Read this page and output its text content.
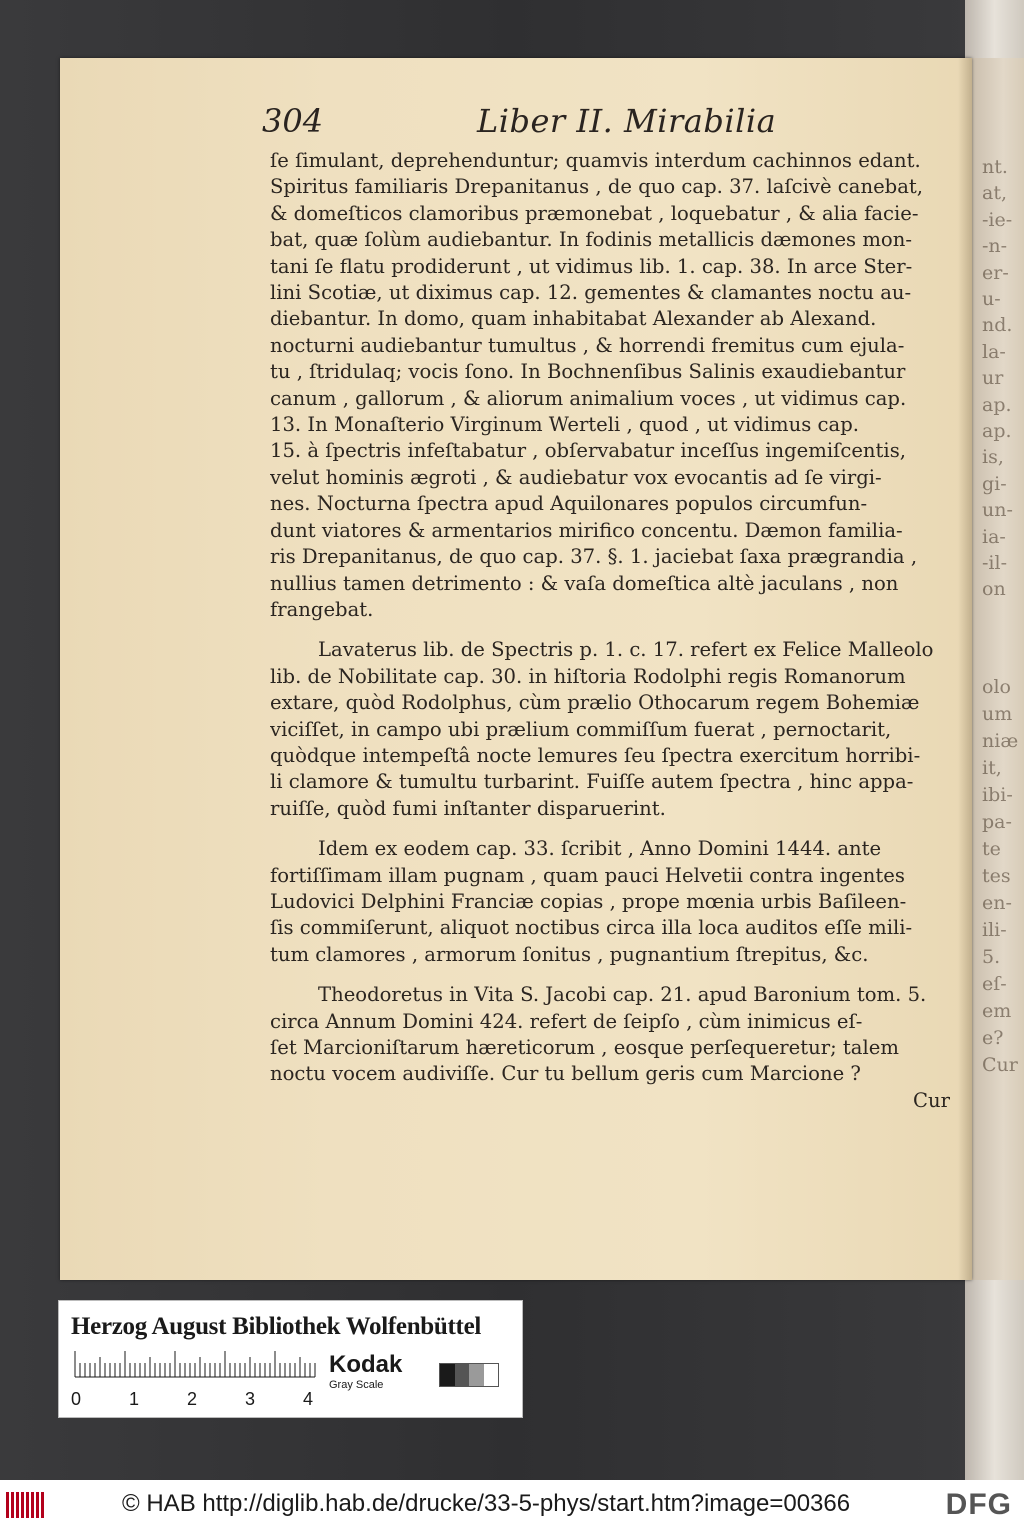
nt.
at,
-ie-
-n-
er-
u-
nd.
la-
ur
ap.
ap.
is,
gi-
un-
ia-
-il-
on
olo
um
niæ
it,
ibi-
pa-
te
tes
en-
ili-
5.
eſ-
em
e?
Cur
304	Liber II. Mirabilia
ſe ſimulant, deprehenduntur; quamvis interdum cachinnos edant.
Spiritus familiaris Drepanitanus , de quo cap. 37. laſcivè canebat,
& domeſticos clamoribus præmonebat , loquebatur , & alia facie-
bat, quæ ſolùm audiebantur. In fodinis metallicis dæmones mon-
tani ſe flatu prodiderunt , ut vidimus lib. 1. cap. 38. In arce Ster-
lini Scotiæ, ut diximus cap. 12. gementes & clamantes noctu au-
diebantur. In domo, quam inhabitabat Alexander ab Alexand.
nocturni audiebantur tumultus , & horrendi fremitus cum ejula-
tu , ſtridulaq; vocis ſono. In Bochnenſibus Salinis exaudiebantur
canum , gallorum , & aliorum animalium voces , ut vidimus cap.
13. In Monaſterio Virginum Werteli , quod , ut vidimus cap.
15. à ſpectris infeſtabatur , obſervabatur inceſſus ingemiſcentis,
velut hominis ægroti , & audiebatur vox evocantis ad ſe virgi-
nes. Nocturna ſpectra apud Aquilonares populos circumfun-
dunt viatores & armentarios mirifico concentu. Dæmon familia-
ris Drepanitanus, de quo cap. 37. §. 1. jaciebat ſaxa prægrandia ,
nullius tamen detrimento : & vaſa domeſtica altè jaculans , non
frangebat.
Lavaterus lib. de Spectris p. 1. c. 17. refert ex Felice Malleolo
lib. de Nobilitate cap. 30. in hiſtoria Rodolphi regis Romanorum
extare, quòd Rodolphus, cùm prælio Othocarum regem Bohemiæ
viciſſet, in campo ubi prælium commiſſum fuerat , pernoctarit,
quòdque intempeſtâ nocte lemures ſeu ſpectra exercitum horribi-
li clamore & tumultu turbarint. Fuiſſe autem ſpectra , hinc appa-
ruiſſe, quòd fumi inſtanter disparuerint.
Idem ex eodem cap. 33. ſcribit , Anno Domini 1444. ante
fortiſſimam illam pugnam , quam pauci Helvetii contra ingentes
Ludovici Delphini Franciæ copias , prope mœnia urbis Baſileen-
ſis commiſerunt, aliquot noctibus circa illa loca auditos eſſe mili-
tum clamores , armorum ſonitus , pugnantium ſtrepitus, &c.
Theodoretus in Vita S. Jacobi cap. 21. apud Baronium tom. 5.
circa Annum Domini 424. refert de ſeipſo , cùm inimicus eſ-
ſet Marcioniſtarum hæreticorum , eosque perſequeretur; talem
noctu vocem audiviſſe. Cur tu bellum geris cum Marcione ?
Cur
Herzog August Bibliothek Wolfenbüttel
0	1	2	3	4
Kodak
Gray Scale
© HAB http://diglib.hab.de/drucke/33-5-phys/start.htm?image=00366	DFG
